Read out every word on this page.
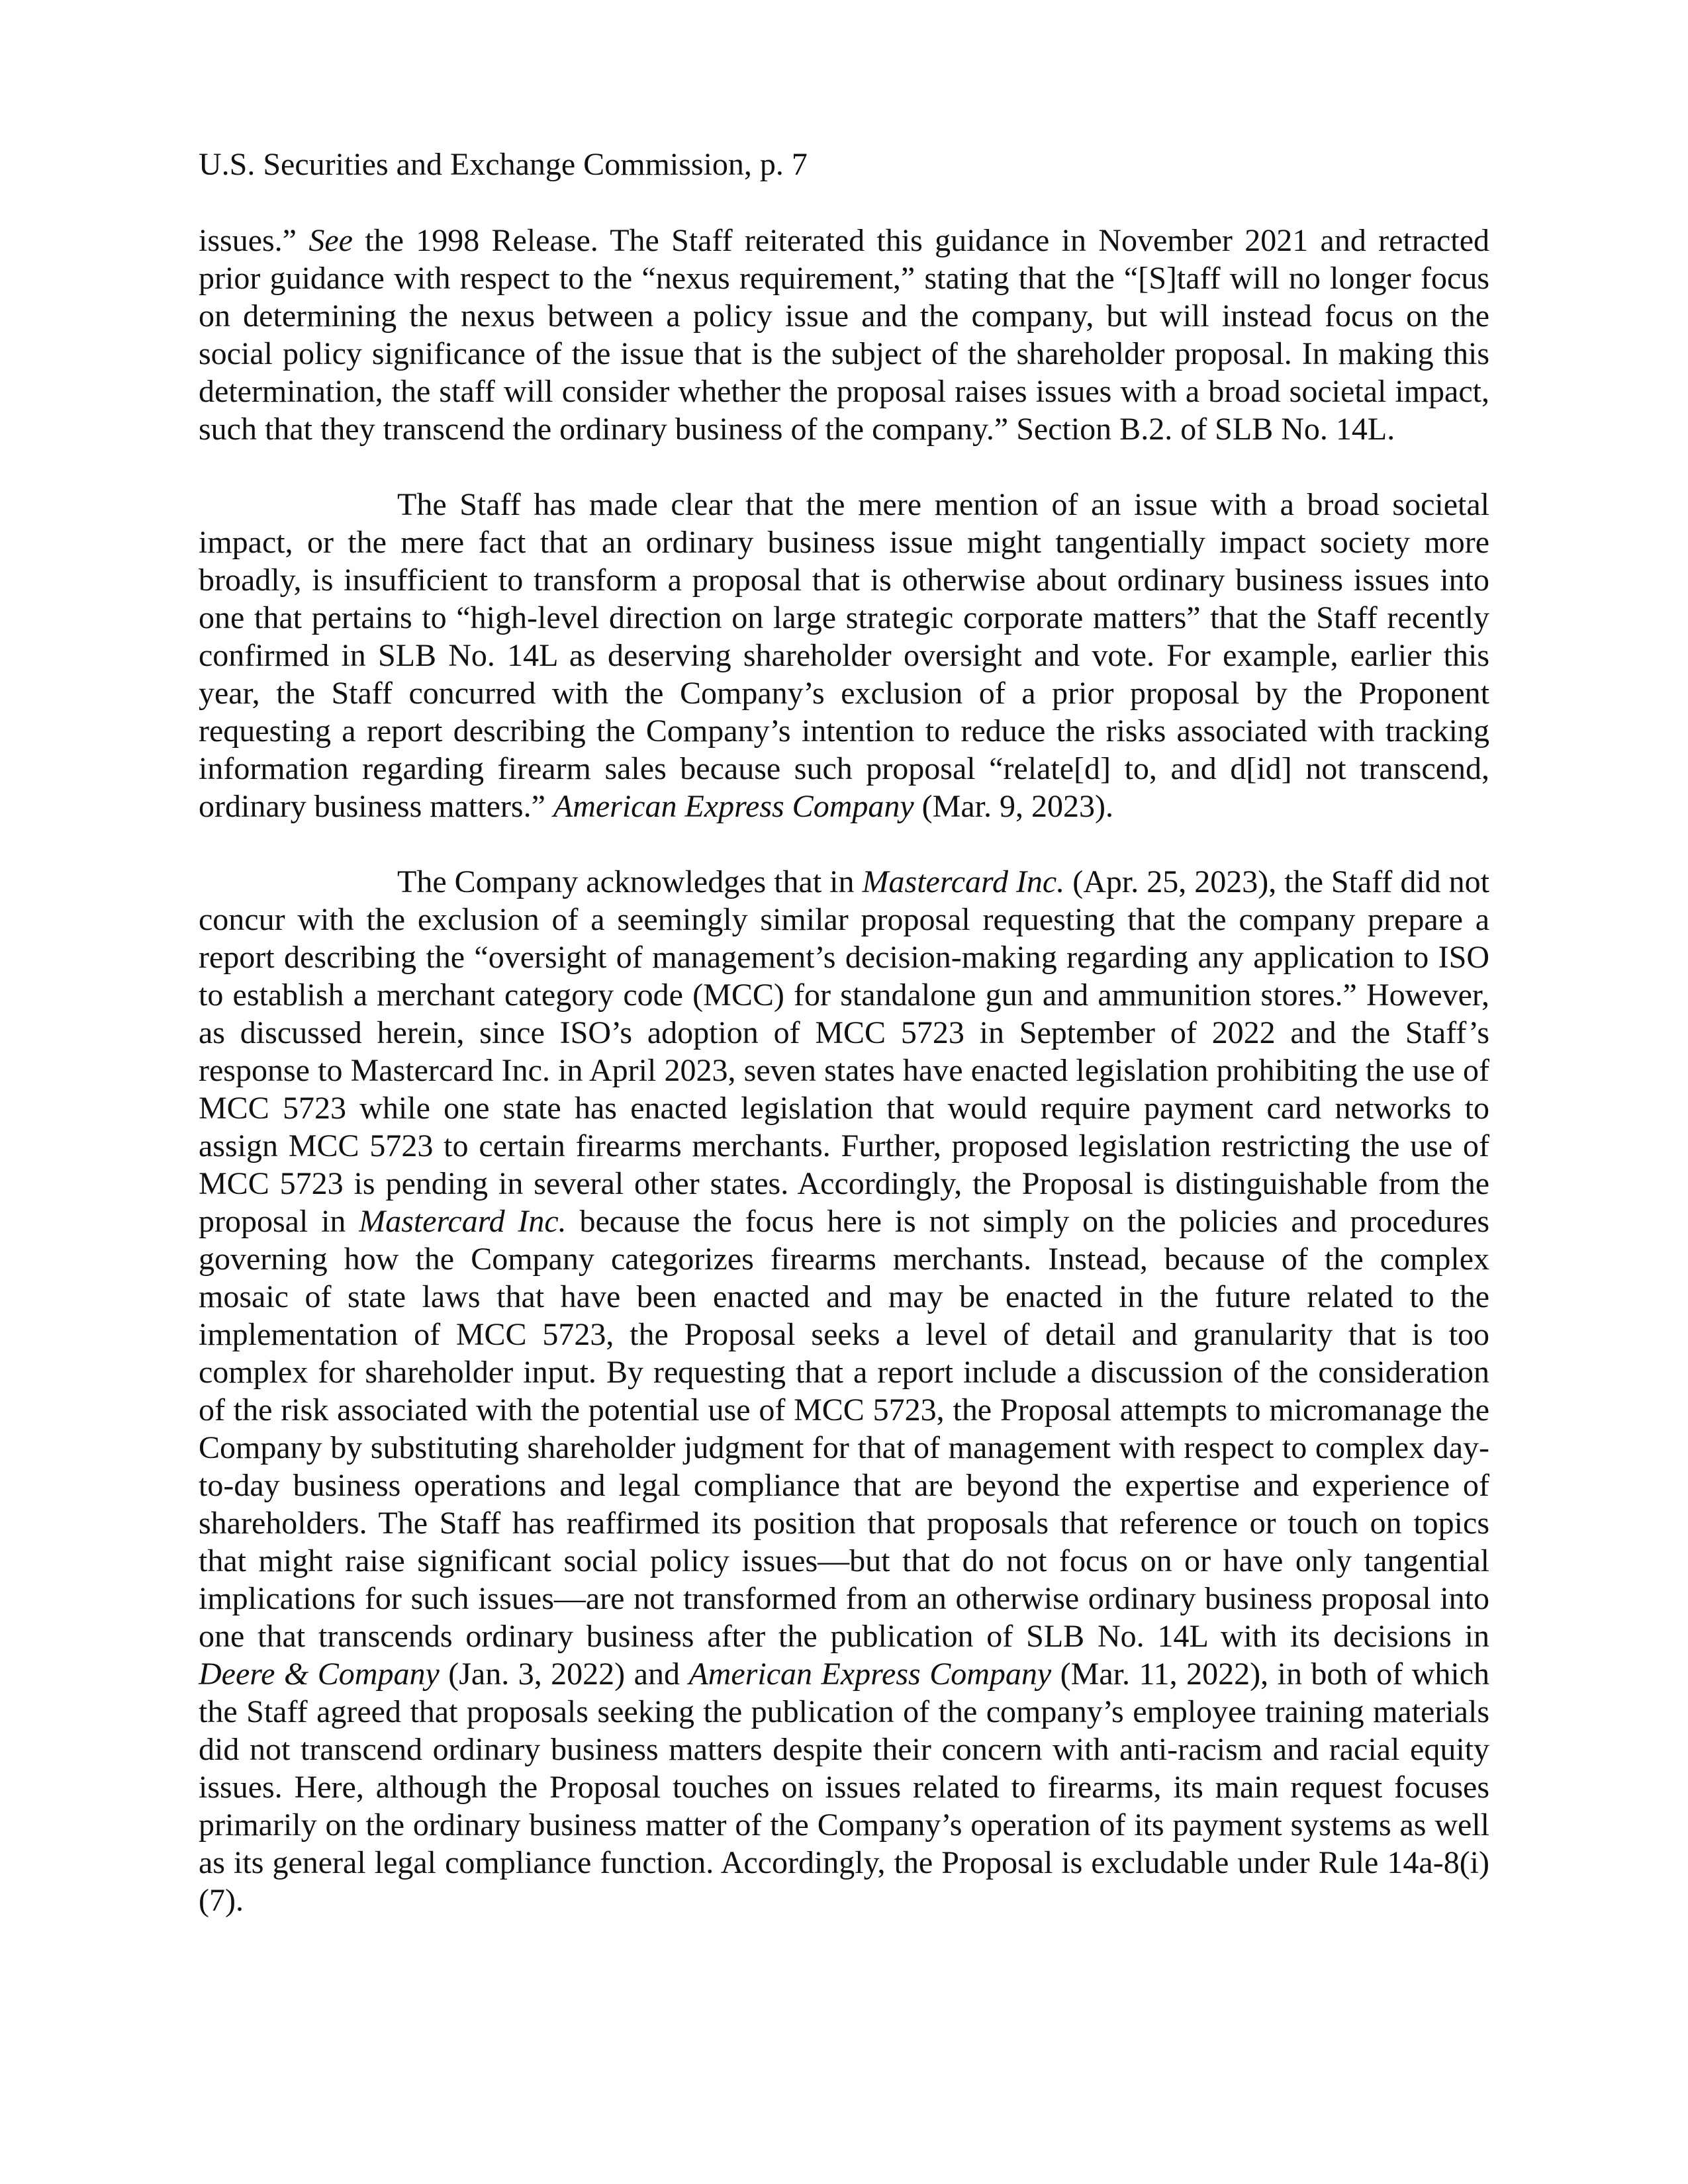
U.S. Securities and Exchange Commission, p. 7

issues.” See the 1998 Release. The Staff reiterated this guidance in November 2021 and retracted prior guidance with respect to the “nexus requirement,” stating that the “[S]taff will no longer focus on determining the nexus between a policy issue and the company, but will instead focus on the social policy significance of the issue that is the subject of the shareholder proposal. In making this determination, the staff will consider whether the proposal raises issues with a broad societal impact, such that they transcend the ordinary business of the company.” Section B.2. of SLB No. 14L.

The Staff has made clear that the mere mention of an issue with a broad societal impact, or the mere fact that an ordinary business issue might tangentially impact society more broadly, is insufficient to transform a proposal that is otherwise about ordinary business issues into one that pertains to “high-level direction on large strategic corporate matters” that the Staff recently confirmed in SLB No. 14L as deserving shareholder oversight and vote. For example, earlier this year, the Staff concurred with the Company’s exclusion of a prior proposal by the Proponent requesting a report describing the Company’s intention to reduce the risks associated with tracking information regarding firearm sales because such proposal “relate[d] to, and d[id] not transcend, ordinary business matters.” American Express Company (Mar. 9, 2023).

The Company acknowledges that in Mastercard Inc. (Apr. 25, 2023), the Staff did not concur with the exclusion of a seemingly similar proposal requesting that the company prepare a report describing the “oversight of management’s decision-making regarding any application to ISO to establish a merchant category code (MCC) for standalone gun and ammunition stores.” However, as discussed herein, since ISO’s adoption of MCC 5723 in September of 2022 and the Staff’s response to Mastercard Inc. in April 2023, seven states have enacted legislation prohibiting the use of MCC 5723 while one state has enacted legislation that would require payment card networks to assign MCC 5723 to certain firearms merchants. Further, proposed legislation restricting the use of MCC 5723 is pending in several other states. Accordingly, the Proposal is distinguishable from the proposal in Mastercard Inc. because the focus here is not simply on the policies and procedures governing how the Company categorizes firearms merchants. Instead, because of the complex mosaic of state laws that have been enacted and may be enacted in the future related to the implementation of MCC 5723, the Proposal seeks a level of detail and granularity that is too complex for shareholder input. By requesting that a report include a discussion of the consideration of the risk associated with the potential use of MCC 5723, the Proposal attempts to micromanage the Company by substituting shareholder judgment for that of management with respect to complex day-to-day business operations and legal compliance that are beyond the expertise and experience of shareholders. The Staff has reaffirmed its position that proposals that reference or touch on topics that might raise significant social policy issues—but that do not focus on or have only tangential implications for such issues—are not transformed from an otherwise ordinary business proposal into one that transcends ordinary business after the publication of SLB No. 14L with its decisions in Deere & Company (Jan. 3, 2022) and American Express Company (Mar. 11, 2022), in both of which the Staff agreed that proposals seeking the publication of the company’s employee training materials did not transcend ordinary business matters despite their concern with anti-racism and racial equity issues. Here, although the Proposal touches on issues related to firearms, its main request focuses primarily on the ordinary business matter of the Company’s operation of its payment systems as well as its general legal compliance function. Accordingly, the Proposal is excludable under Rule 14a-8(i)(7).
